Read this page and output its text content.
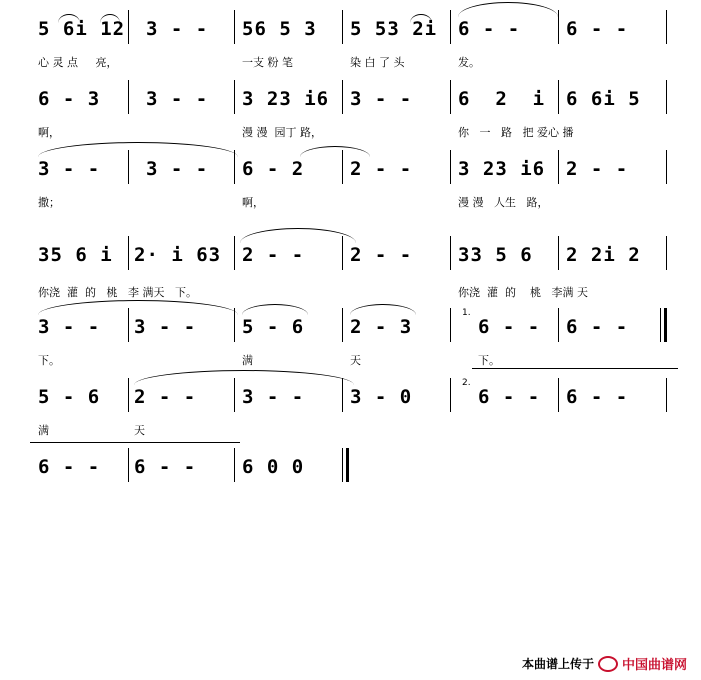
5 6i 12 3 - - 56 5 3 5 53 2i 6 - - 6 - -
心 灵 点     亮，	一支 粉 笔	染 白 了 头	发。
6 - 3 3 - - 3 23 i6 3 - - 6  2  i 6 6i 5
啊，	漫 漫  园丁 路，	你   一   路   把 爱心 播
3 - - 3 - - 6 - 2 2 - - 3 23 i6 2 - -
撒；	啊，	漫 漫   人生   路，
35 6 i 2· i 63 2 - - 2 - - 33 5 6 2 2i 2
你浇  灌  的   桃   李 满天   下。	你浇  灌  的    桃   李满 天
3 - - 3 - - 5 - 6 2 - 3
1.
6 - - 6 - -
下。	满	天	下。
5 - 6 2 - - 3 - - 3 - 0
2.
6 - - 6 - -
满	天
6 - - 6 - - 6 0 0
本曲谱上传于 中国曲谱网
